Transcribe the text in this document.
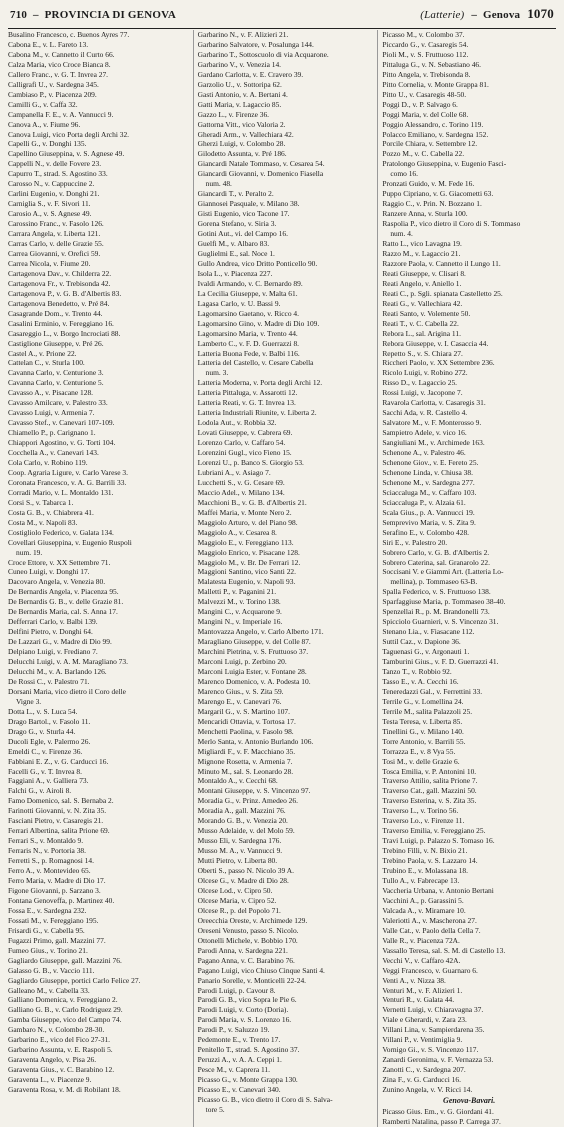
710  –  PROVINCIA DI GENOVA	(Latterie) –  Genova 1070
Busalino Francesco, c. Buenos Ayres 77.
Cabona E., v. L. Fareto 13.
Cabona M., v. Cannetto il Curto 66.
Calza Maria, vico Croce Bianca 8.
Callero Franc., v. G. T. Invrea 27.
Calligrafi U., v. Sardegna 345.
Cambiaso P., v. Piacenza 209.
Camilli G., v. Caffa 32.
Campanella F. E., v. A. Vannucci 9.
Canova A., v. Fiume 96.
Canova Luigi, vico Porta degli Archi 32.
Capelli G., v. Donghi 135.
Capellino Giuseppina, v. S. Agnese 49.
Cappelli N., v. delle Fovere 23.
Capurro T., strad. S. Agostino 33.
Carosso N., v. Cappuccine 2.
Carlini Eugenio, v. Donghi 21.
Carniglia S., v. F. Sivori 11.
Carosio A., v. S. Agnese 49.
Carossino Franc., v. Fasolo 126.
Carrara Angela, v. Liberta 121.
Carras Carlo, v. delle Grazie 55.
Carrea Giovanni, v. Orefici 59.
Carrea Nicola, v. Fiume 20.
Cartagenova Dav., v. Childerra 22.
Cartagenova Fr., v. Trebisonda 42.
Cartagenova P., v. G. B. d'Albertis 83.
Cartagenova Benedetto, v. Pré 84.
Casagrande Dom., v. Trento 44.
Casalini Erminio, v. Fereggiano 16.
Casareggio L., v. Borgo Incrociati 88.
Castiglione Giuseppe, v. Pré 26.
Castel A., v. Prione 22.
Cattelan C., v. Sturla 100.
Cavanna Carlo, v. Centurione 3.
Cavanna Carlo, v. Centurione 5.
Cavasso A., v. Pisacane 128.
Cavasso Amilcare, v. Palestro 33.
Cavasso Luigi, v. Armenia 7.
Cavasso Stef., v. Canevari 107-109.
Chiamello P., p. Carignano 1.
Chiappori Agostino, v. G. Torti 104.
Cocchella A., v. Canevari 143.
Cola Carlo, v. Robino 119.
Coop. Agraria Ligure, v. Carlo Varese 3.
Coronata Francesco, v. A. G. Barrili 33.
Corradi Mario, v. L. Montaldo 131.
Corsi S., v. Tabarca 1.
Costa G. B., v. Chiabrera 41.
Costa M., v. Napoli 83.
Costigliolo Federico, v. Galata 134.
Covellari Giuseppina, v. Eugenio Ruspoli
num. 19.
Croce Ettore, v. XX Settembre 71.
Cuneo Luigi, v. Donghi 17.
Dacovaro Angela, v. Venezia 80.
De Bernardis Angela, v. Piacenza 95.
De Bernardis G. B., v. delle Grazie 81.
De Bernardis Maria, cal. S. Anna 17.
Defferrari Carlo, v. Balbi 139.
Delfini Pietro, v. Donghi 64.
De Lazzari G., v. Madre di Dio 99.
Delpiano Luigi, v. Frediano 7.
Delucchi Luigi, v. A. M. Maragliano 73.
Delucchi M., v. A. Barlando 126.
De Rossi C., v. Palestro 71.
Dorsani Maria, vico dietro il Coro delle
Vigne 3.
Dotta L., v. S. Luca 54.
Drago Bartol., v. Fasolo 11.
Drago G., v. Sturla 44.
Ducoli Egle, v. Palermo 26.
Emeldi C., v. Firenze 36.
Fabbiani E. Z., v. G. Carducci 16.
Facelli G., v. T. Invrea 8.
Faggiani A., v. Galliera 73.
Falchi G., v. Airoli 8.
Famo Domenico, sal. S. Bernaba 2.
Farinotti Giovanni, v. N. Zita 35.
Fasciani Pietro, v. Casaregis 21.
Ferrari Albertina, salita Prione 69.
Ferrari S., v. Montaldo 9.
Ferraris N., v. Portoria 38.
Ferretti S., p. Romagnosi 14.
Ferro A., v. Montevideo 65.
Ferro Maria, v. Madre di Dio 17.
Figone Giovanni, p. Sarzano 3.
Fontana Genoveffa, p. Martinez 40.
Fossa E., v. Sardegna 232.
Fossati M., v. Fereggiano 195.
Frisardi G., v. Cabella 95.
Fugazzi Primo, gall. Mazzini 77.
Fumeo Gius., v. Torino 21.
Gagliardo Giuseppe, gall. Mazzini 76.
Galasso G. B., v. Vaccio 111.
Gagliardo Giuseppe, portici Carlo Felice 27.
Galleano M., v. Cabella 33.
Galliano Domenica, v. Fereggiano 2.
Galliano G. B., v. Carlo Rodriguez 29.
Gamba Giuseppe, vico del Campo 74.
Gambaro N., v. Colombo 28-30.
Garbarino E., vico del Fico 27-31.
Garbarino Assunta, v. E. Raspoli 5.
Garaventa Angelo, v. Pisa 26.
Garaventa Gius., v. C. Barabino 12.
Garaventa L., v. Piacenze 9.
Garaventa Rosa, v. M. di Robilant 18.
Garbarino N., v. F. Alizieri 21.
Garbarino Salvatore, v. Posalunga 144.
Garbarino T., Sottoscuolo di via Acquarone.
Garbarino V., v. Venezia 14.
Gardano Carlotta, v. E. Cravero 39.
Garzolio U., v. Sottoripa 62.
Gasti Antonio, v. A. Bertani 4.
Gatti Maria, v. Lagaccio 85.
Gazzo L., v. Firenze 36.
Gattorna Vitt., vico Valoria 2.
Gheradi Arm., v. Vallechiara 42.
Gherzi Luigi, v. Colombo 28.
Gilodetto Assunta, v. Pré 186.
Giancardi Natale Tommaso, v. Cesarea 54.
Giancardi Giovanni, v. Domenico Fiasella
num. 48.
Giancardi T., v. Peralto 2.
Giannosei Pasquale, v. Milano 38.
Gisti Eugenio, vico Tacone 17.
Gorena Stefano, v. Siria 3.
Gotini Aut., vi. del Campo 16.
Guelfi M., v. Albaro 83.
Guglielmi E., sal. Noce 1.
Gullo Andrea, vico Dritto Ponticello 90.
Isola L., v. Piacenza 227.
Ivaldi Armando, v. C. Bernardo 89.
La Cecilia Giuseppe, v. Malta 61.
Lagasa Carlo, v. U. Bassi 9.
Lagomarsino Gaetano, v. Ricco 4.
Lagomarsino Gino, v. Madre di Dio 109.
Lagomarsino Maria, v. Trento 44.
Lamberto C., v. F. D. Guerrazzi 8.
Latteria Buona Fede, v. Balbi 116.
Latteria del Castello, v. Cesare Cabella
num. 3.
Latteria Moderna, v. Porta degli Archi 12.
Latteria Pittaluga, v. Assarotti 12.
Latteria Reati, v. G. T. Invrea 13.
Latteria Industriali Riunite, v. Liberta 2.
Lodola Aut., v. Robbia 32.
Lovati Giuseppe, v. Cabrera 69.
Lorenzo Carlo, v. Caffaro 54.
Lorenzini Gugl., vico Fieno 15.
Lorenzi U., p. Banco S. Giorgio 53.
Lubriani A., v. Asiago 7.
Lucchetti S., v. G. Cesare 69.
Maccio Adel., v. Milano 134.
Macchioni B., v. G. B. d'Albertis 21.
Maffei Maria, v. Monte Nero 2.
Maggiolo Arturo, v. del Piano 98.
Maggiolo A., v. Cesarea 8.
Maggiolo E., v. Fereggiano 113.
Maggiolo Enrico, v. Pisacane 128.
Maggiolo M., v. Br. De Ferrari 12.
Maggioni Santino, vico Santi 22.
Malatesta Eugenio, v. Napoli 93.
Malletti P., v. Paganini 21.
Malvezzi M., v. Torino 138.
Mangini C., v. Acquarone 9.
Mangini N., v. Imperiale 16.
Mantovazza Angelo, v. Carlo Alberto 171.
Maragliano Giuseppe, v. del Colle 87.
Marchini Pietrina, v. S. Fruttuoso 37.
Marconi Luigi, p. Zerbino 20.
Marconi Luigia Ester, v. Fontane 28.
Marenco Domenico, v. A. Podesta 10.
Marenco Gius., v. S. Zita 59.
Marengo E., v. Canevari 76.
Margaril G., v. S. Martino 107.
Mencaridi Ottavia, v. Tortosa 17.
Menchetti Paolina, v. Fasolo 98.
Merlo Santa, v. Antonio Burlando 106.
Migliardi F., v. F. Macchiano 35.
Mignone Rosetta, v. Armenia 7.
Minuto M., sal. S. Leonardo 28.
Montaldo A., v. Cecchi 68.
Montani Giuseppe, v. S. Vincenzo 97.
Moradia G., v. Prinz. Amedeo 26.
Moradia A., gall. Mazzini 76.
Morando G. B., v. Venezia 20.
Musso Adelaide, v. del Molo 59.
Musso Eli, v. Sardegna 176.
Musso M. A., v. Vannucci 9.
Mutti Pietro, v. Liberta 80.
Oberti S., passo N. Nicolo 39 A.
Olcese G., v. Madre di Dio 28.
Olcese Lod., v. Cipro 50.
Olcese Maria, v. Cipro 52.
Olcese R., p. del Popolo 71.
Oreecchia Oreste, v. Archimede 129.
Oreseni Venusto, passo S. Nicolo.
Ottonelli Michele, v. Bobbio 170.
Parodi Anna, v. Sardegna 221.
Pagano Anna, v. C. Barabino 76.
Pagano Luigi, vico Chiuso Cinque Santi 4.
Panario Sorelle, v. Monticelli 22-24.
Parodi Luigi, p. Cavour 8.
Parodi G. B., vico Sopra le Pie 6.
Parodi Luigi, v. Corto (Doria).
Parodi Maria, v. S. Lorenzo 16.
Parodi P., v. Saluzzo 19.
Pedemonte E., v. Trento 17.
Penitello T., strad. S. Agostino 37.
Peruzzi A., v. A. A. Ceppi 1.
Pesce M., v. Caprera 11.
Picasso G., v. Monte Grappa 130.
Picasso E., v. Canevari 340.
Picasso G. B., vico dietro il Coro di S. Salva-
tore 5.
Picasso M., v. Colombo 37.
Piccardo G., v. Casaregis 54.
Pioli M., v. S. Fruttuoso 112.
Pittaluga G., v. N. Sebastiano 46.
Pitto Angela, v. Trebisonda 8.
Pitto Cornelia, v. Monte Grappa 81.
Pitto U., v. Casaregis 48-50.
Poggi D., v. P. Salvago 6.
Poggi Maria, v. del Colle 68.
Poggio Alessandro, c. Torino 119.
Polacco Emiliano, v. Sardegna 152.
Porcile Chiara, v. Settembre 12.
Pozzo M., v. C. Cabella 22.
Pratolongo Giuseppina, v. Eugenio Fasci-
como 16.
Pronzati Guido, v. M. Fede 16.
Puppo Cipriano, v. G. Giacometti 63.
Raggio C., v. Prin. N. Bozzano 1.
Ranzere Anna, v. Sturla 100.
Raspolia P., vico dietro il Coro di S. Tommaso
num. 4.
Ratto L., vico Lavagna 19.
Razzo M., v. Lagaccio 21.
Razzore Paola, v. Cannetto il Lungo 11.
Reati Giuseppe, v. Clisari 8.
Reati Angelo, v. Aniello 1.
Reati C., p. Sgli. spianata Castelletto 25.
Reati G., v. Vallechiara 42.
Reati Santo, v. Volemente 50.
Reati T., v. C. Cabella 22.
Rebora L., sal. Arigina 11.
Rebora Giuseppe, v. I. Casaccia 44.
Repetto S., v. S. Chiara 27.
Riccheri Paolo, v. XX Settembre 236.
Ricolo Luigi, v. Robino 272.
Risso D., v. Lagaccio 25.
Rossi Luigi, v. Jacopone 7.
Ravarola Carlotta, v. Casaregis 31.
Sacchi Ada, v. R. Castello 4.
Salvatore M., v. F. Monterosso 9.
Sampietro Adele, v. vico 16.
Sangiuliani M., v. Archimede 163.
Schenone A., v. Palestro 46.
Schenone Giov., v. E. Fereto 25.
Schenone Linda, v. Chiusa 38.
Schenone M., v. Sardegna 277.
Sciaccaluga M., v. Caffaro 103.
Sciaccaluga P., v. Alzaia 61.
Scala Gius., p. A. Vannucci 19.
Semprevivo Maria, v. S. Zita 9.
Serafino E., v. Colombo 428.
Siri E., v. Palestro 20.
Sobrero Carlo, v. G. B. d'Albertis 2.
Sobrero Caterina, sal. Granarolo 22.
Soccisani V. e Giammi Art. (Latteria Lo-
mellina), p. Tommaseo 63-B.
Spalla Federico, v. S. Fruttuoso 138.
Sparfaggiuse Maria, p. Tommaseo 38-40.
Spenzellai R., p. M. Brandonelli 73.
Spicciolo Guarnieri, v. S. Vincenzo 31.
Stenano Lia., v. Fiasacane 112.
Suttil Caz., v. Dapione 36.
Taguenasi G., v. Argonauti 1.
Tamburini Gius., v. F. D. Guerrazzi 41.
Tanzo T., v. Robbio 92.
Tasso E., v. A. Cecchi 16.
Teneredazzi Gal., v. Ferrettini 33.
Terrile G., v. Lomellina 24.
Terrile M., salita Palazzoli 25.
Testa Teresa, v. Liberta 85.
Tinellini G., v. Milano 140.
Torre Antonio, v. Barrili 55.
Torrazza E., v. 8 Vya 55.
Tosi M., v. delle Grazie 6.
Tosca Emilia, v. P. Antonini 10.
Traverso Attilio, salita Prione 7.
Traverso Cat., gall. Mazzini 50.
Traverso Esterina, v. S. Zita 35.
Traverso L., v. Torino 56.
Traverso Lo., v. Firenze 11.
Traverso Emilia, v. Fereggiano 25.
Travi Luigi, p. Palazzo S. Tomaso 16.
Trebino Filli, v. N. Bixio 21.
Trebino Paola, v. S. Lazzaro 14.
Trubino E., v. Molassana 18.
Tullo A., v. Fabrecape 13.
Vaccheria Urbana, v. Antonio Bertani
Vacchini A., p. Garassini 5.
Valcada A., v. Miramare 10.
Valeriotti A., v. Mascherona 27.
Valle Cat., v. Paolo della Cella 7.
Valle R., v. Piacenza 72A.
Vassallo Teresa, sal. S. M. di Castello 13.
Vecchi V., v. Caffaro 42A.
Veggi Francesco, v. Guarnaro 6.
Venti A., v. Nizza 38.
Venturi M., v. F. Alizieri 1.
Venturi R., v. Galata 44.
Vernetti Luigi, v. Chiaravagna 37.
Viale e Gherardi, v. Zara 23.
Villani Lina, v. Sampierdarena 35.
Villani P., v. Ventimiglia 9.
Vornigo Gi., v. S. Vincenzo 117.
Zanardi Geronima, v. F. Vernazza 53.
Zanotti C., v. Sardegna 207.
Zina F., v. G. Carducci 16.
Zunino Angela, v. V. Ricci 14.
Genova-Bavari.
Picasso Gius. Em., v. G. Giordani 41.
Ramberti Natalina, passo P. Carrega 37.
